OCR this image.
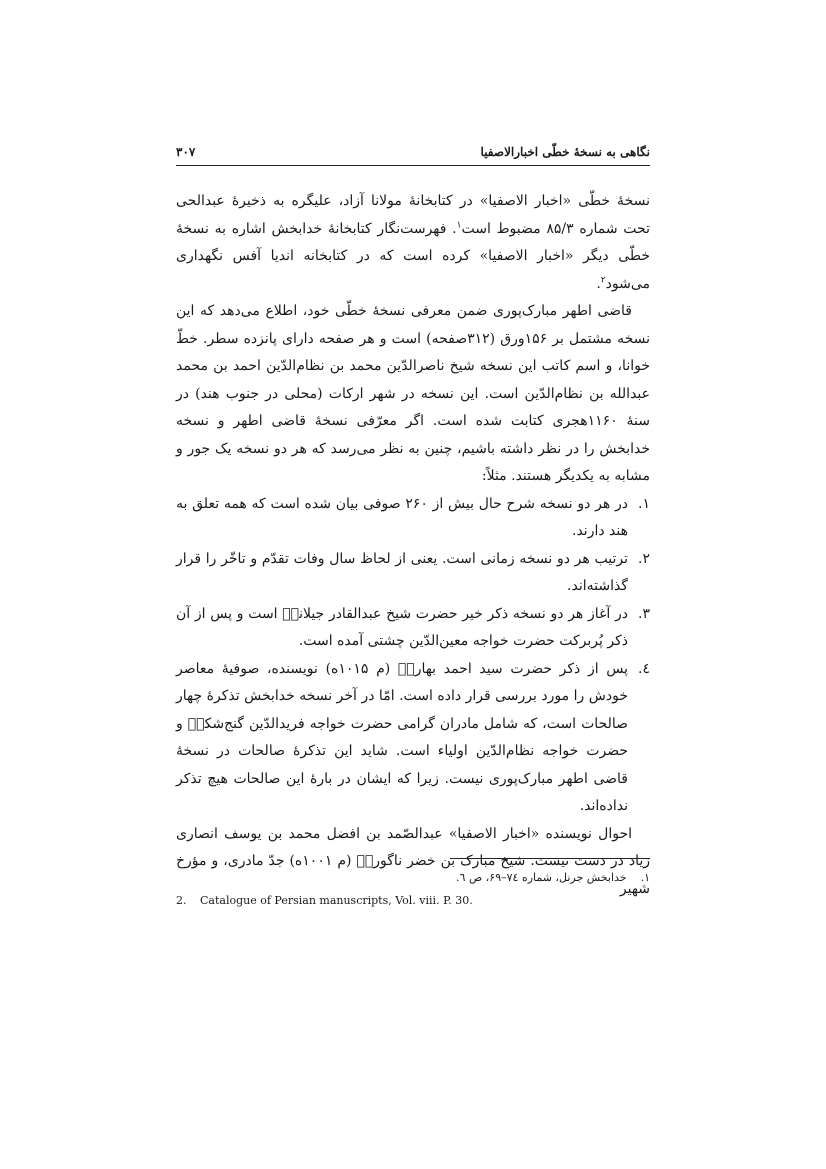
نگاهی به نسخهٔ خطّی اخبارالاصفیا
۳۰۷

نسخهٔ خطّی «اخبار الاصفیا» در کتابخانهٔ مولانا آزاد، علیگره به ذخیرهٔ عبدالحی تحت شماره ۸۵/۳ مضبوط است$^۱$. فهرست‌نگار کتابخانهٔ خدابخش اشاره به نسخهٔ خطّی دیگر «اخبار الاصفیا» کرده است که در کتابخانه اندیا آفس نگهداری می‌شود$^۲$.

قاضی اطهر مبارک‌پوری ضمن معرفی نسخهٔ خطّی خود، اطلاع می‌دهد که این نسخه مشتمل بر ۱۵۶ورق (۳۱۲صفحه) است و هر صفحه دارای پانزده سطر. خطّ خوانا، و اسم کاتب این نسخه شیخ ناصرالدّین محمد بن نظام‌الدّین احمد بن محمد عبدالله بن نظام‌الدّین است. این نسخه در شهر ارکات (محلی در جنوب هند) در سنهٔ ۱۱۶۰هجری کتابت شده است. اگر معرّفی نسخهٔ قاضی اطهر و نسخه خدابخش را در نظر داشته باشیم، چنین به نظر می‌رسد که هر دو نسخه یک جور و مشابه به یکدیگر هستند. مثلاً:

۱.
در هر دو نسخه شرح حال بیش از ۲۶۰ صوفی بیان شده است که همه تعلق به هند دارند.
۲.
ترتیب هر دو نسخه زمانی است. یعنی از لحاظ سال وفات تقدّم و تاخّر را قرار گذاشته‌اند.
۳.
در آغاز هر دو نسخه ذکر خیر حضرت شیخ عبدالقادر جیلانیؒ است و پس از آن ذکر پُربرکت حضرت خواجه معین‌الدّین چشتی آمده است.
٤.
پس از ذکر حضرت سید احمد بهاریؒ (م ۱۰۱۵ه) نویسنده، صوفیهٔ معاصر خودش را مورد بررسی قرار داده است. امّا در آخر نسخه خدابخش تذکرهٔ چهار صالحات است، که شامل مادران گرامی حضرت خواجه فریدالدّین گنج‌شکرؒ و حضرت خواجه نظام‌الدّین اولیاء است. شاید این تذکرهٔ صالحات در نسخهٔ قاضی اطهر مبارک‌پوری نیست. زیرا که ایشان در بارهٔ این صالحات هیچ تذکر نداده‌اند.

احوال نویسنده «اخبار الاصفیا» عبدالصّمد بن افضل محمد بن یوسف انصاری زیاد در دست نیست. شیخ مبارک بن خضر ناگوریؒ (م ۱۰۰۱ه) جدّ مادری، و مؤرخ شهیر

۱.خدابخش جرنل، شماره ۷٤–۶۹، ص ٦.
2. Catalogue of Persian manuscripts, Vol. viii. P. 30.
